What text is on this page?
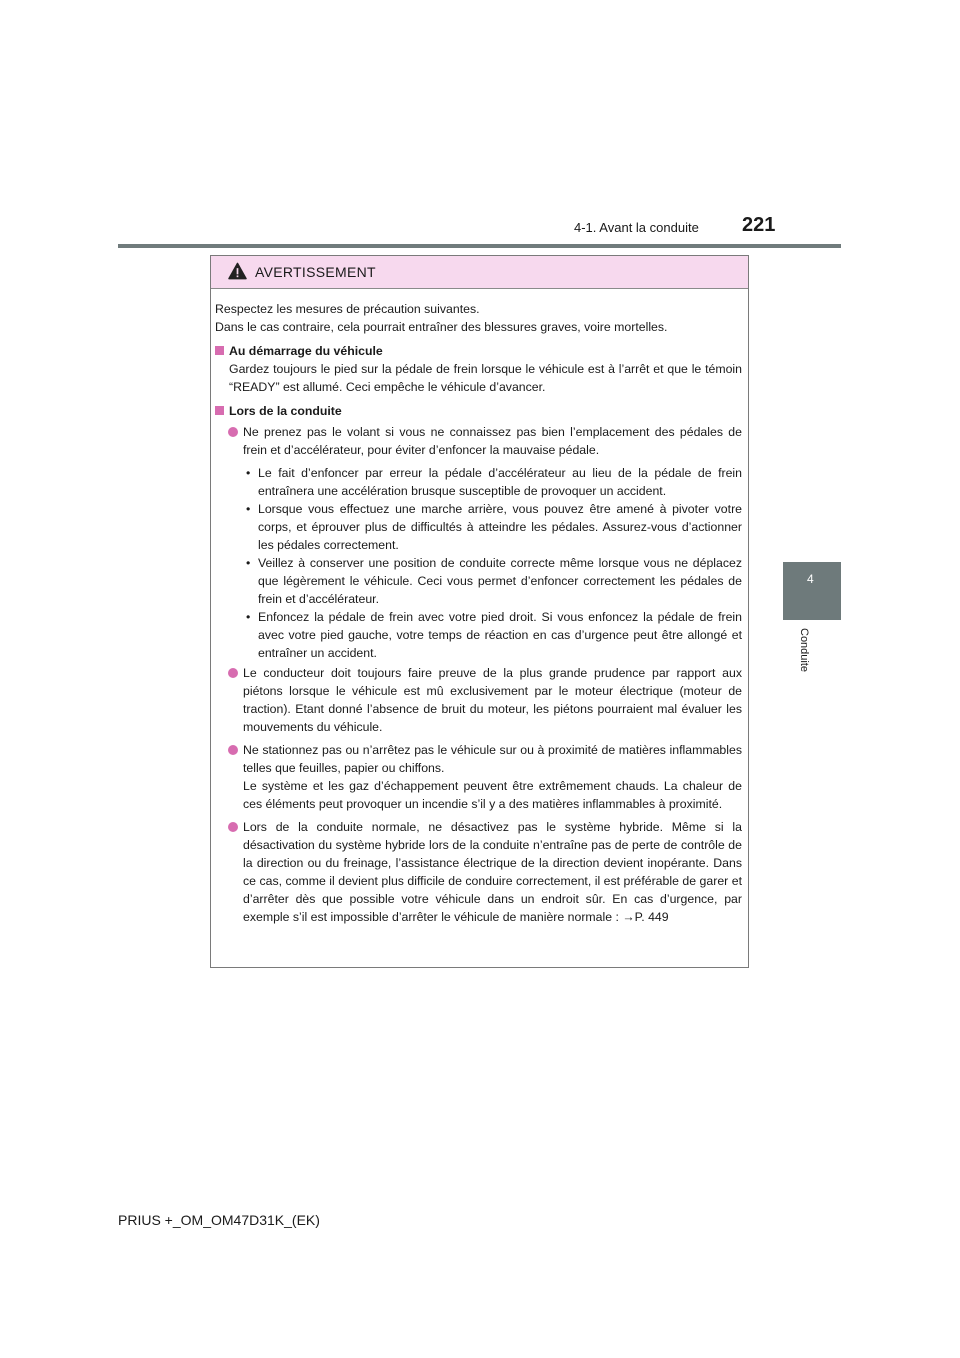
4-1. Avant la conduite 221
4
Conduite
AVERTISSEMENT

Respectez les mesures de précaution suivantes.

Dans le cas contraire, cela pourrait entraîner des blessures graves, voire mortelles.

Au démarrage du véhicule

Gardez toujours le pied sur la pédale de frein lorsque le véhicule est à l’arrêt et que le témoin “READY” est allumé. Ceci empêche le véhicule d’avancer.

Lors de la conduite

Ne prenez pas le volant si vous ne connaissez pas bien l’emplacement des pédales de frein et d’accélérateur, pour éviter d’enfoncer la mauvaise pédale.

• Le fait d’enfoncer par erreur la pédale d’accélérateur au lieu de la pédale de frein entraînera une accélération brusque susceptible de provoquer un accident.

• Lorsque vous effectuez une marche arrière, vous pouvez être amené à pivoter votre corps, et éprouver plus de difficultés à atteindre les pédales. Assurez-vous d’actionner les pédales correctement.

• Veillez à conserver une position de conduite correcte même lorsque vous ne déplacez que légèrement le véhicule. Ceci vous permet d’enfoncer correctement les pédales de frein et d’accélérateur.

• Enfoncez la pédale de frein avec votre pied droit. Si vous enfoncez la pédale de frein avec votre pied gauche, votre temps de réaction en cas d’urgence peut être allongé et entraîner un accident.

Le conducteur doit toujours faire preuve de la plus grande prudence par rapport aux piétons lorsque le véhicule est mû exclusivement par le moteur électrique (moteur de traction). Etant donné l’absence de bruit du moteur, les piétons pourraient mal évaluer les mouvements du véhicule.

Ne stationnez pas ou n’arrêtez pas le véhicule sur ou à proximité de matières inflammables telles que feuilles, papier ou chiffons.

Le système et les gaz d’échappement peuvent être extrêmement chauds. La chaleur de ces éléments peut provoquer un incendie s’il y a des matières inflammables à proximité.

Lors de la conduite normale, ne désactivez pas le système hybride. Même si la désactivation du système hybride lors de la conduite n’entraîne pas de perte de contrôle de la direction ou du freinage, l’assistance électrique de la direction devient inopérante. Dans ce cas, comme il devient plus difficile de conduire correctement, il est préférable de garer et d’arrêter dès que possible votre véhicule dans un endroit sûr. En cas d’urgence, par exemple s’il est impossible d’arrêter le véhicule de manière normale : →P. 449

PRIUS +_OM_OM47D31K_(EK)
